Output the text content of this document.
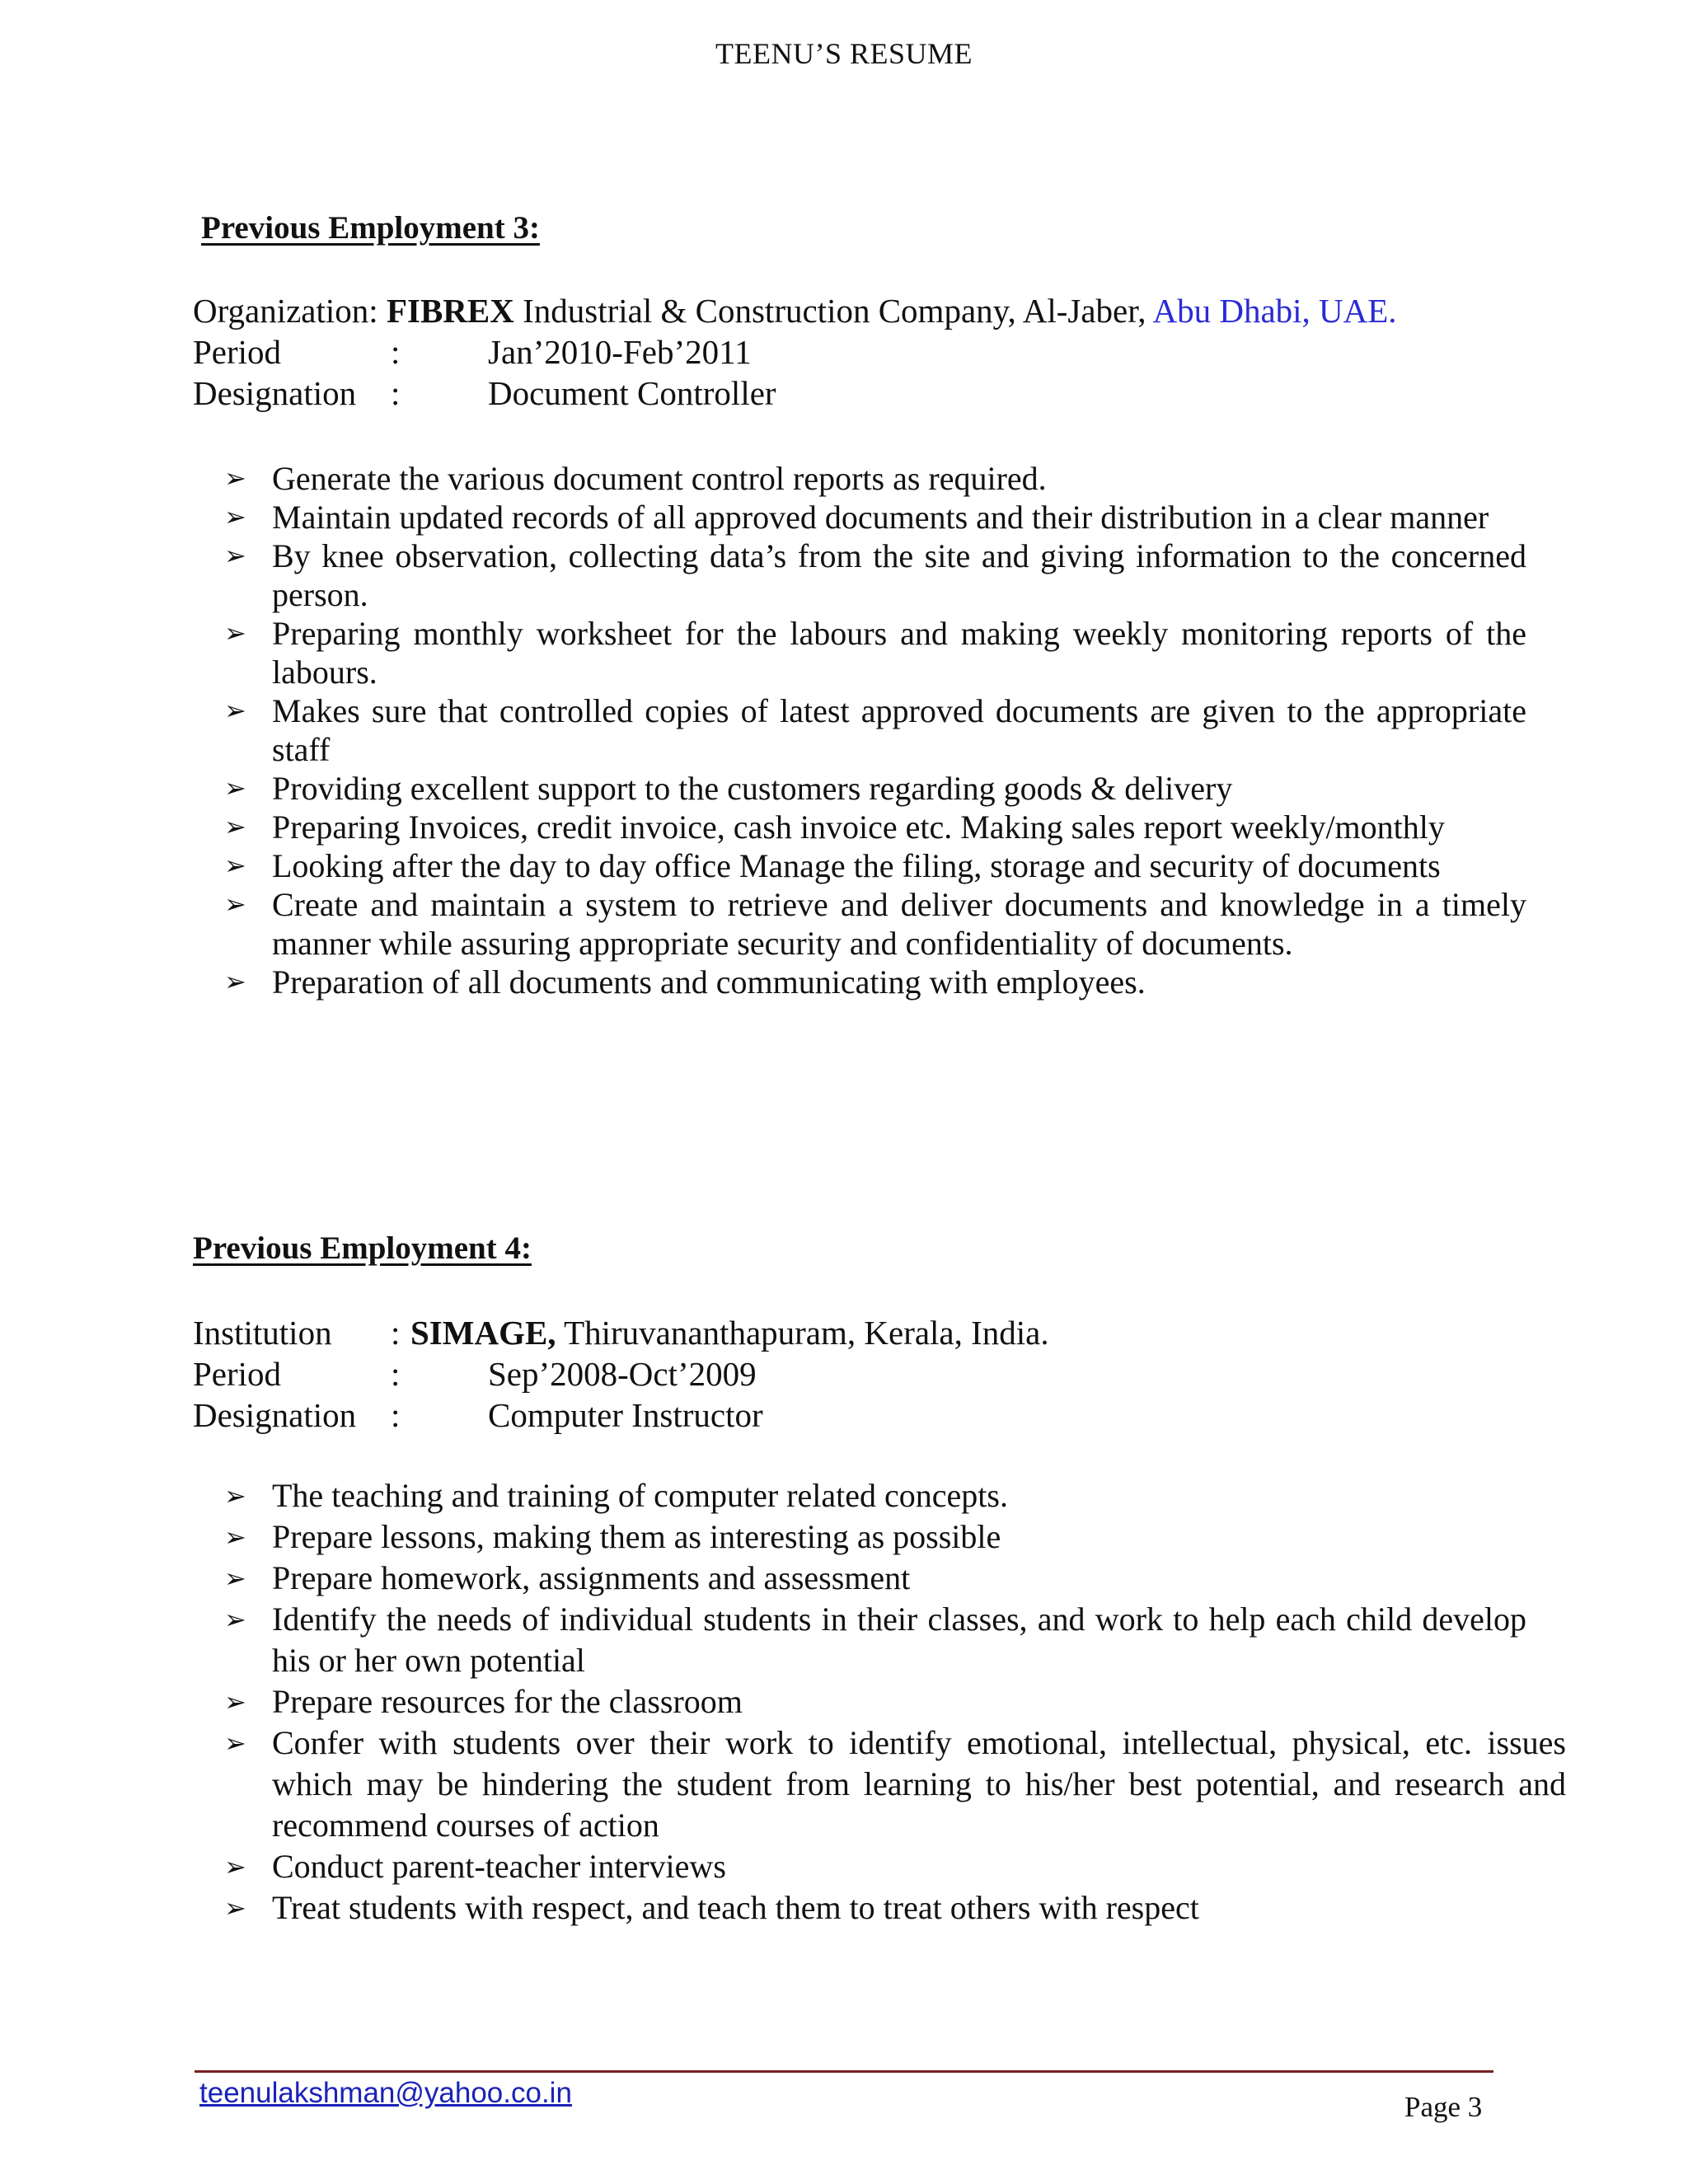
TEENU’S RESUME
Previous Employment 3:
Organization: FIBREX Industrial & Construction Company, Al-Jaber, Abu Dhabi, UAE.
Period	:	Jan’2010-Feb’2011
Designation	:	Document Controller
➢ Generate the various document control reports as required.
➢ Maintain updated records of all approved documents and their distribution in a clear manner
➢ By knee observation, collecting data’s from the site and giving information to the concerned person.
➢ Preparing monthly worksheet for the labours and making weekly monitoring reports of the labours.
➢ Makes sure that controlled copies of latest approved documents are given to the appropriate staff
➢ Providing excellent support to the customers regarding goods & delivery
➢ Preparing Invoices, credit invoice, cash invoice etc. Making sales report weekly/monthly
➢ Looking after the day to day office Manage the filing, storage and security of documents
➢ Create and maintain a system to retrieve and deliver documents and knowledge in a timely manner while assuring appropriate security and confidentiality of documents.
➢ Preparation of all documents and communicating with employees.
Previous Employment 4:
Institution	: SIMAGE, Thiruvananthapuram, Kerala, India.
Period	:	Sep’2008-Oct’2009
Designation	:	Computer Instructor
➢ The teaching and training of computer related concepts.
➢ Prepare lessons, making them as interesting as possible
➢ Prepare homework, assignments and assessment
➢ Identify the needs of individual students in their classes, and work to help each child develop his or her own potential
➢ Prepare resources for the classroom
➢ Confer with students over their work to identify emotional, intellectual, physical, etc. issues which may be hindering the student from learning to his/her best potential, and research and recommend courses of action
➢ Conduct parent-teacher interviews
➢ Treat students with respect, and teach them to treat others with respect
teenulakshman@yahoo.co.in	Page 3
